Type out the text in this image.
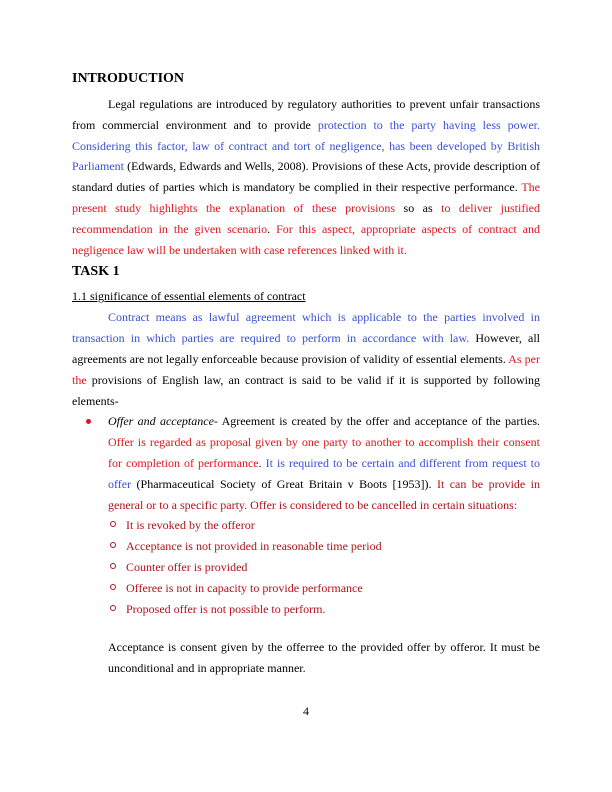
INTRODUCTION

Legal regulations are introduced by regulatory authorities to prevent unfair transactions from commercial environment and to provide protection to the party having less power. Considering this factor, law of contract and tort of negligence, has been developed by British Parliament (Edwards, Edwards and Wells, 2008). Provisions of these Acts, provide description of standard duties of parties which is mandatory be complied in their respective performance. The present study highlights the explanation of these provisions so as to deliver justified recommendation in the given scenario. For this aspect, appropriate aspects of contract and negligence law will be undertaken with case references linked with it.

TASK 1
1.1 significance of essential elements of contract

Contract means as lawful agreement which is applicable to the parties involved in transaction in which parties are required to perform in accordance with law. However, all agreements are not legally enforceable because provision of validity of essential elements. As per the provisions of English law, an contract is said to be valid if it is supported by following elements-

Offer and acceptance- Agreement is created by the offer and acceptance of the parties. Offer is regarded as proposal given by one party to another to accomplish their consent for completion of performance. It is required to be certain and different from request to offer (Pharmaceutical Society of Great Britain v Boots [1953]). It can be provide in general or to a specific party. Offer is considered to be cancelled in certain situations:

It is revoked by the offeror
Acceptance is not provided in reasonable time period
Counter offer is provided
Offeree is not in capacity to provide performance
Proposed offer is not possible to perform.

Acceptance is consent given by the offerree to the provided offer by offeror. It must be unconditional and in appropriate manner.

4
